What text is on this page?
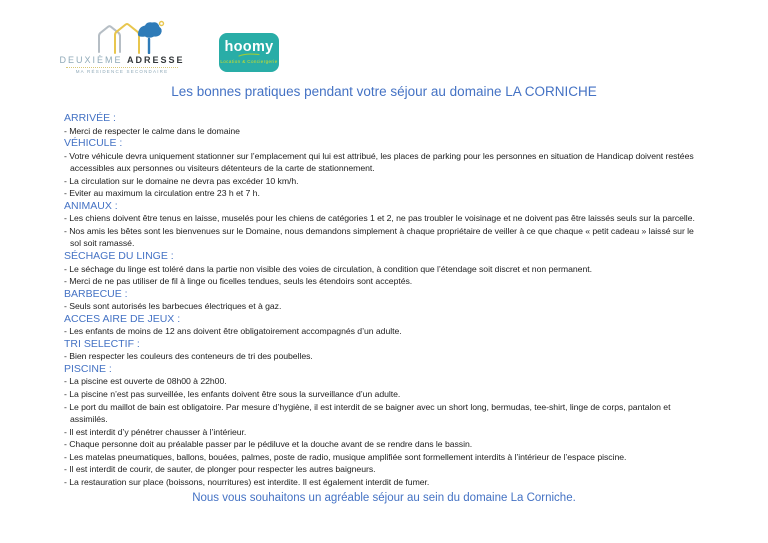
DEUXIÈME ADRESSE
MA RÉSIDENCE SECONDAIRE
hoomy
Location & Conciergerie
Les bonnes pratiques pendant votre séjour au domaine LA CORNICHE
ARRIVÉE :
- Merci de respecter le calme dans le domaine
VÉHICULE :
- Votre véhicule devra uniquement stationner sur l’emplacement qui lui est attribué, les places de parking pour les personnes en situation de Handicap doivent restées accessibles aux personnes ou visiteurs détenteurs de la carte de stationnement.
- La circulation sur le domaine ne devra pas excéder 10 km/h.
- Eviter au maximum la circulation entre 23 h et 7 h.
ANIMAUX :
- Les chiens doivent être tenus en laisse, muselés pour les chiens de catégories 1 et 2, ne pas troubler le voisinage et ne doivent pas être laissés seuls sur la parcelle.
- Nos amis les bêtes sont les bienvenues sur le Domaine, nous demandons simplement à chaque propriétaire de veiller à ce que chaque « petit cadeau » laissé sur le sol soit ramassé.
SÉCHAGE DU LINGE :
- Le séchage du linge est toléré dans la partie non visible des voies de circulation, à condition que l’étendage soit discret et non permanent.
- Merci de ne pas utiliser de fil à linge ou ficelles tendues, seuls les étendoirs sont acceptés.
BARBECUE :
- Seuls sont autorisés les barbecues électriques et à gaz.
ACCES AIRE DE JEUX :
- Les enfants de moins de 12 ans doivent être obligatoirement accompagnés d’un adulte.
TRI SELECTIF :
- Bien respecter les couleurs des conteneurs de tri des poubelles.
PISCINE :
- La piscine est ouverte de 08h00 à 22h00.
- La piscine n’est pas surveillée, les enfants doivent être sous la surveillance d’un adulte.
- Le port du maillot de bain est obligatoire. Par mesure d’hygiène, il est interdit de se baigner avec un short long, bermudas, tee-shirt, linge de corps, pantalon et assimilés.
- Il est interdit d’y pénétrer chausser à l’intérieur.
- Chaque personne doit au préalable passer par le pédiluve et la douche avant de se rendre dans le bassin.
- Les matelas pneumatiques, ballons, bouées, palmes, poste de radio, musique amplifiée sont formellement interdits à l’intérieur de l’espace piscine.
- Il est interdit de courir, de sauter, de plonger pour respecter les autres baigneurs.
- La restauration sur place (boissons, nourritures) est interdite. Il est également interdit de fumer.
Nous vous souhaitons un agréable séjour au sein du domaine La Corniche.
